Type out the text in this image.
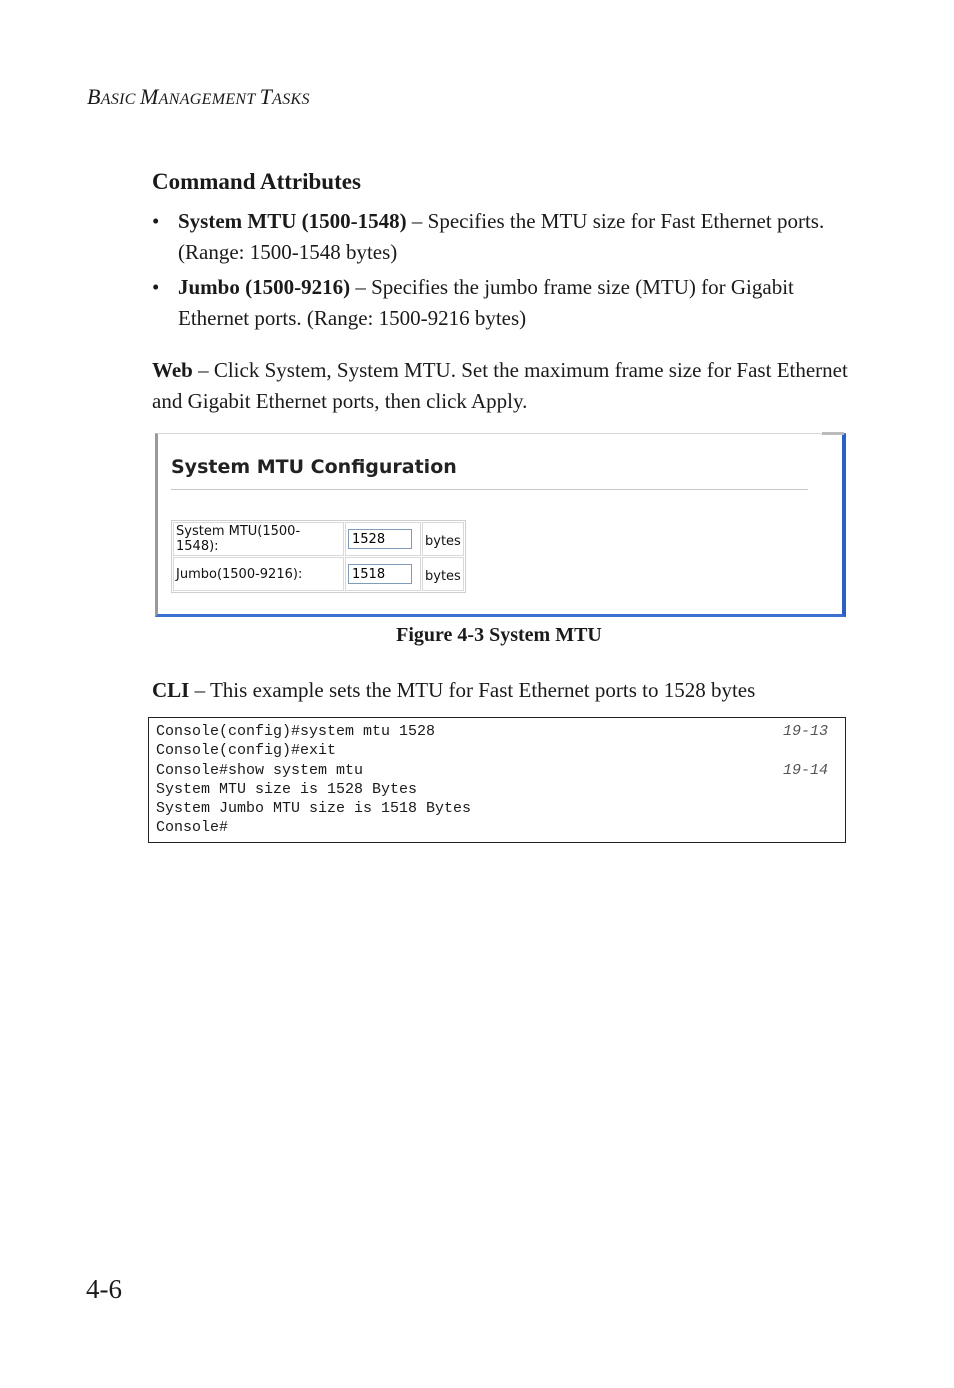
BASIC MANAGEMENT TASKS
Command Attributes
• System MTU (1500-1548) – Specifies the MTU size for Fast Ethernet ports. (Range: 1500-1548 bytes)
• Jumbo (1500-9216) – Specifies the jumbo frame size (MTU) for Gigabit Ethernet ports. (Range: 1500-9216 bytes)

Web – Click System, System MTU. Set the maximum frame size for Fast Ethernet and Gigabit Ethernet ports, then click Apply.

System MTU Configuration
System MTU(1500-1548):	1528	bytes
Jumbo(1500-9216):	1518	bytes
Figure 4-3 System MTU

CLI – This example sets the MTU for Fast Ethernet ports to 1528 bytes

Console(config)#system mtu 1528	19-13
Console(config)#exit
Console#show system mtu	19-14
System MTU size is 1528 Bytes
System Jumbo MTU size is 1518 Bytes
Console#
4-6
